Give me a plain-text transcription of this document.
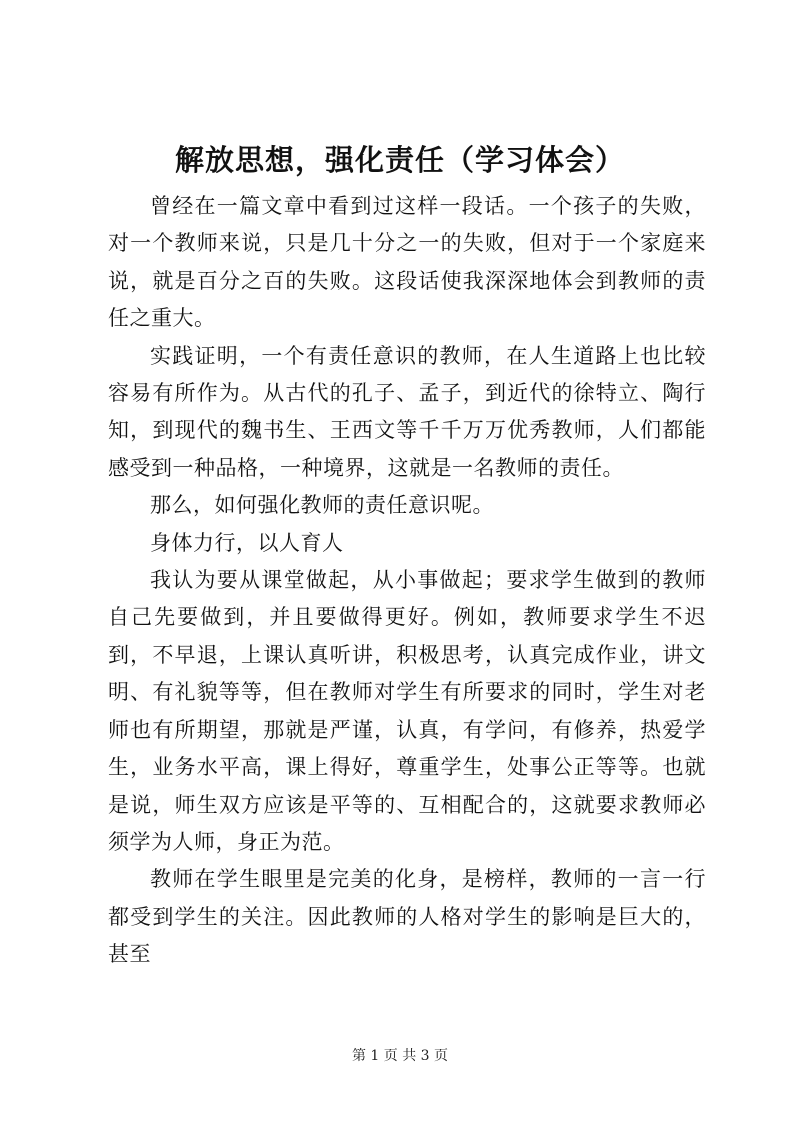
解放思想，强化责任（学习体会）

曾经在一篇文章中看到过这样一段话。一个孩子的失败，对一个教师来说，只是几十分之一的失败，但对于一个家庭来说，就是百分之百的失败。这段话使我深深地体会到教师的责任之重大。

实践证明，一个有责任意识的教师，在人生道路上也比较容易有所作为。从古代的孔子、孟子，到近代的徐特立、陶行知，到现代的魏书生、王西文等千千万万优秀教师，人们都能感受到一种品格，一种境界，这就是一名教师的责任。

那么，如何强化教师的责任意识呢。

身体力行，以人育人

我认为要从课堂做起，从小事做起；要求学生做到的教师自己先要做到，并且要做得更好。例如，教师要求学生不迟到，不早退，上课认真听讲，积极思考，认真完成作业，讲文明、有礼貌等等，但在教师对学生有所要求的同时，学生对老师也有所期望，那就是严谨，认真，有学问，有修养，热爱学生，业务水平高，课上得好，尊重学生，处事公正等等。也就是说，师生双方应该是平等的、互相配合的，这就要求教师必须学为人师，身正为范。

教师在学生眼里是完美的化身，是榜样，教师的一言一行都受到学生的关注。因此教师的人格对学生的影响是巨大的，甚至

第 1 页 共 3 页
